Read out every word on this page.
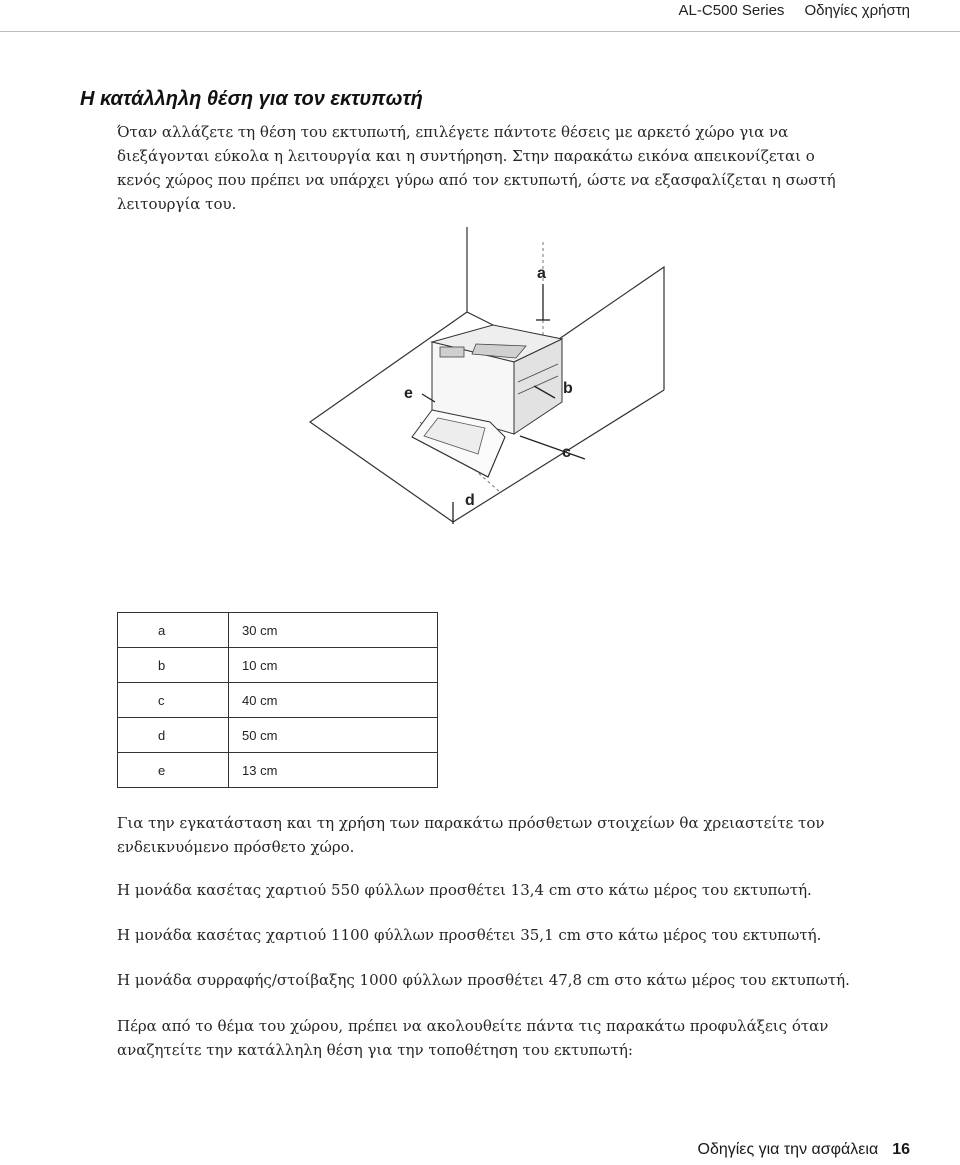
AL-C500 Series Οδηγίες χρήστη
Η κατάλληλη θέση για τον εκτυπωτή

Όταν αλλάζετε τη θέση του εκτυπωτή, επιλέγετε πάντοτε θέσεις με αρκετό χώρο για να διεξάγονται εύκολα η λειτουργία και η συντήρηση. Στην παρακάτω εικόνα απεικονίζεται ο κενός χώρος που πρέπει να υπάρχει γύρω από τον εκτυπωτή, ώστε να εξασφαλίζεται η σωστή λειτουργία του.

a
b
c
d
e
a	30 cm
b	10 cm
c	40 cm
d	50 cm
e	13 cm

Για την εγκατάσταση και τη χρήση των παρακάτω πρόσθετων στοιχείων θα χρειαστείτε τον ενδεικνυόμενο πρόσθετο χώρο.

Η μονάδα κασέτας χαρτιού 550 φύλλων προσθέτει 13,4 cm στο κάτω μέρος του εκτυπωτή.

Η μονάδα κασέτας χαρτιού 1100 φύλλων προσθέτει 35,1 cm στο κάτω μέρος του εκτυπωτή.

Η μονάδα συρραφής/στοίβαξης 1000 φύλλων προσθέτει 47,8 cm στο κάτω μέρος του εκτυπωτή.

Πέρα από το θέμα του χώρου, πρέπει να ακολουθείτε πάντα τις παρακάτω προφυλάξεις όταν αναζητείτε την κατάλληλη θέση για την τοποθέτηση του εκτυπωτή:

Οδηγίες για την ασφάλεια 16
